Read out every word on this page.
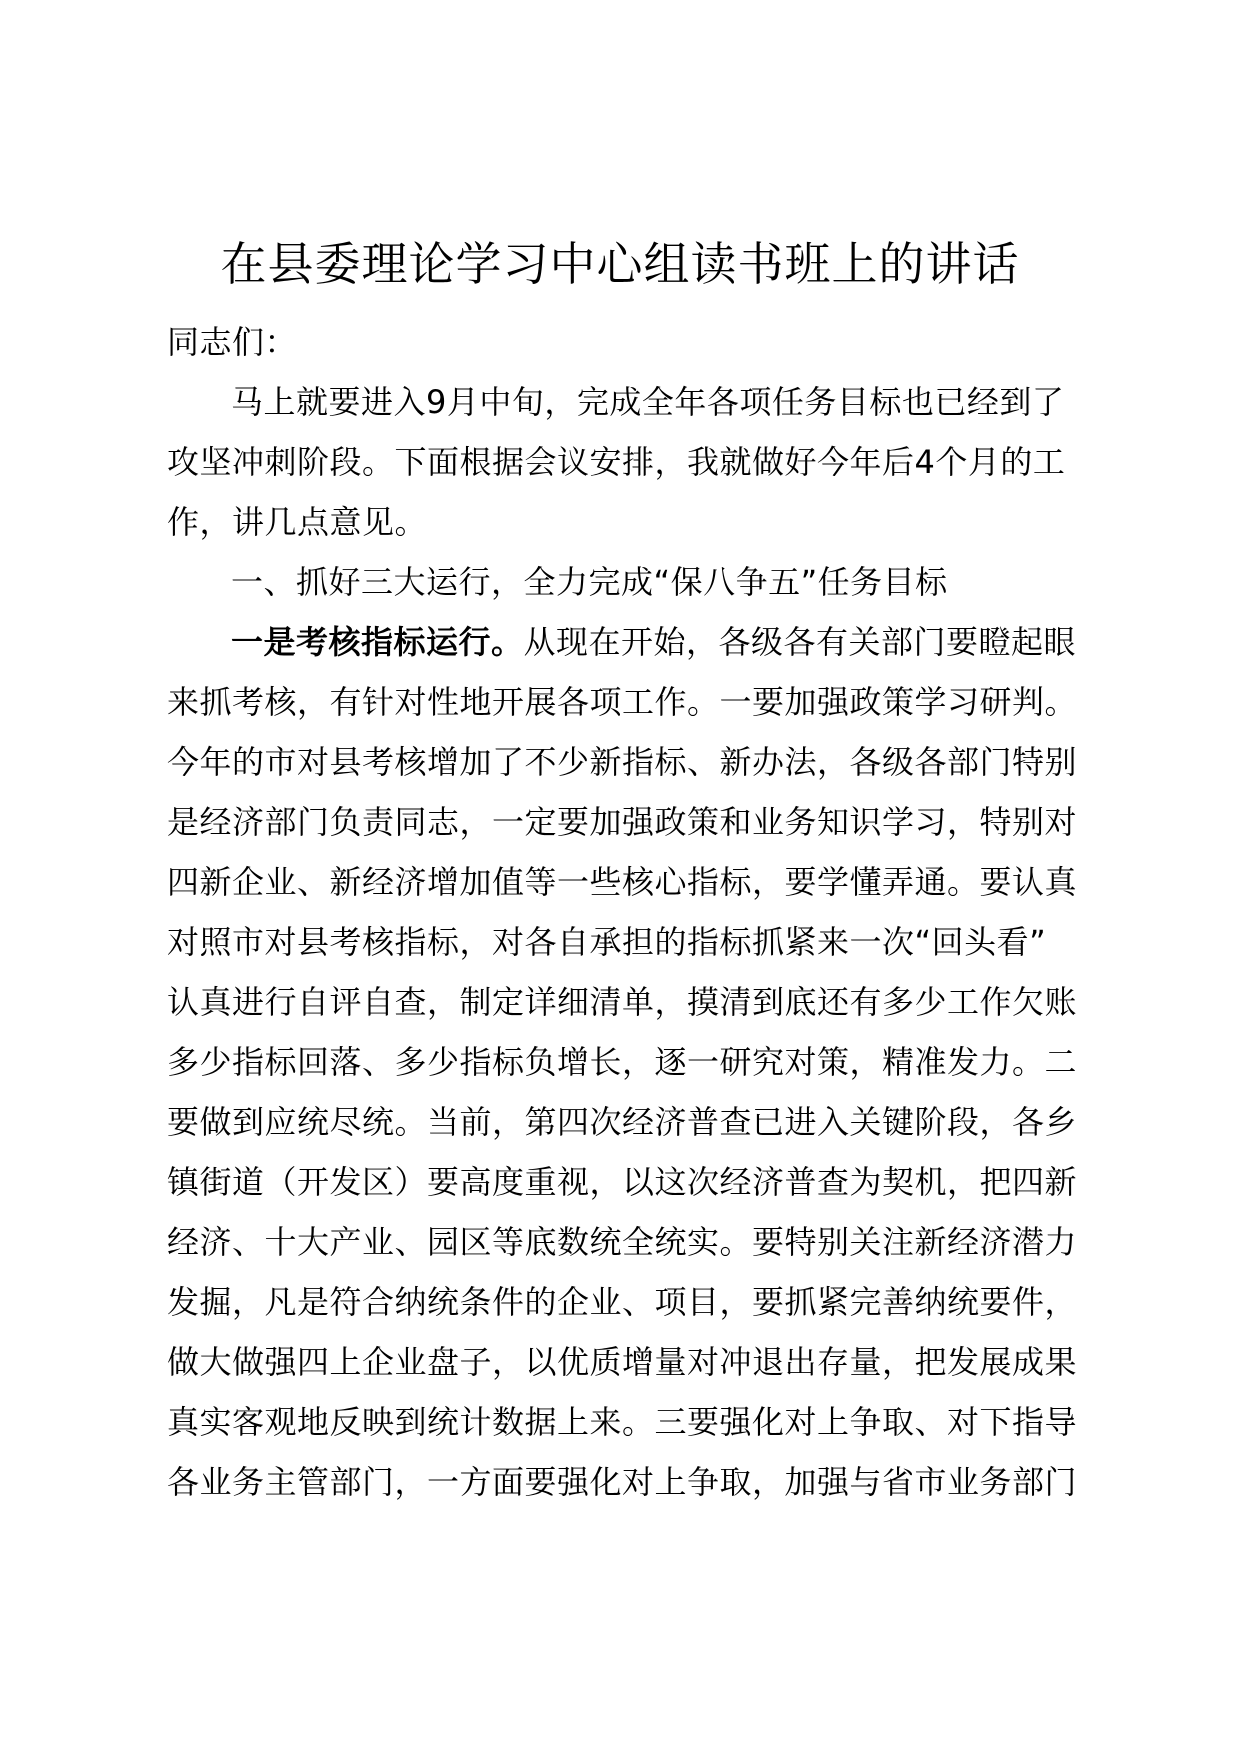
在县委理论学习中心组读书班上的讲话
同志们：
马上就要进入9月中旬，完成全年各项任务目标也已经到了
攻坚冲刺阶段。下面根据会议安排，我就做好今年后4个月的工
作，讲几点意见。
一、抓好三大运行，全力完成“保八争五”任务目标
一是考核指标运行。从现在开始，各级各有关部门要瞪起眼
来抓考核，有针对性地开展各项工作。一要加强政策学习研判。
今年的市对县考核增加了不少新指标、新办法，各级各部门特别
是经济部门负责同志，一定要加强政策和业务知识学习，特别对
四新企业、新经济增加值等一些核心指标，要学懂弄通。要认真
对照市对县考核指标，对各自承担的指标抓紧来一次“回头看”
认真进行自评自查，制定详细清单，摸清到底还有多少工作欠账
多少指标回落、多少指标负增长，逐一研究对策，精准发力。二
要做到应统尽统。当前，第四次经济普查已进入关键阶段，各乡
镇街道（开发区）要高度重视，以这次经济普查为契机，把四新
经济、十大产业、园区等底数统全统实。要特别关注新经济潜力
发掘，凡是符合纳统条件的企业、项目，要抓紧完善纳统要件，
做大做强四上企业盘子，以优质增量对冲退出存量，把发展成果
真实客观地反映到统计数据上来。三要强化对上争取、对下指导
各业务主管部门，一方面要强化对上争取，加强与省市业务部门
